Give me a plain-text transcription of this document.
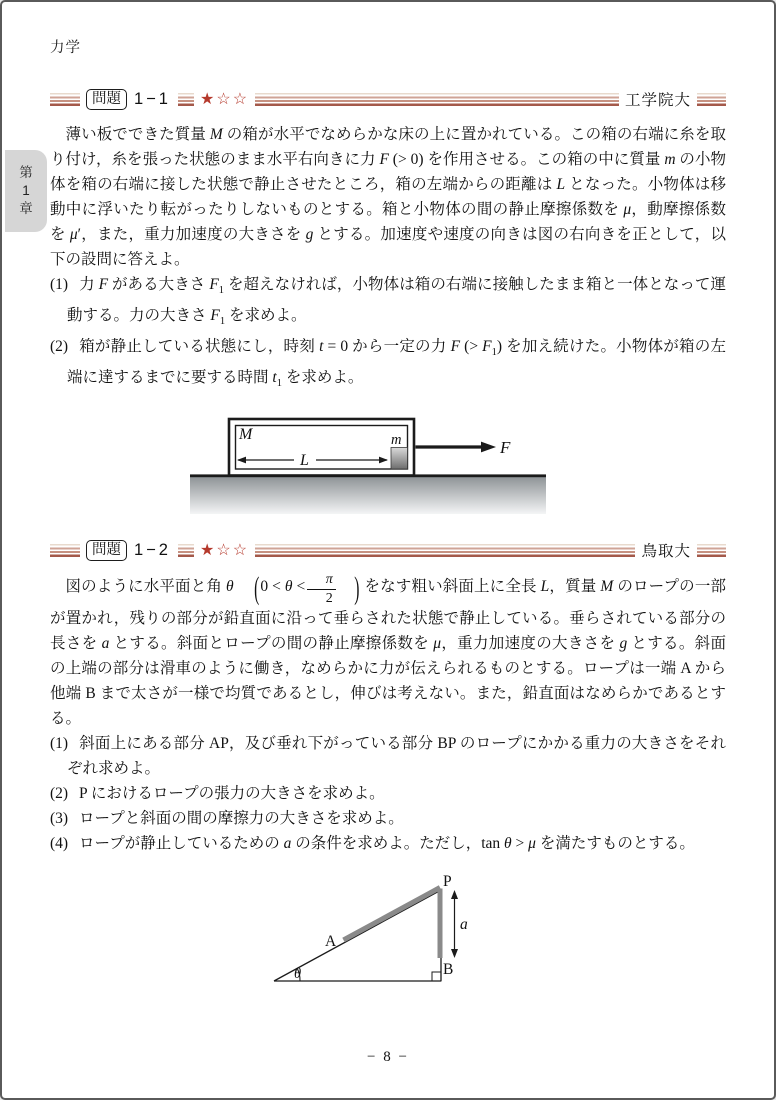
第
1
章
力学
問題 1−1 ★☆☆	工学院大

薄い板でできた質量 M の箱が水平でなめらかな床の上に置かれている。この箱の右端に糸を取り付け，糸を張った状態のまま水平右向きに力 F (> 0) を作用させる。この箱の中に質量 m の小物体を箱の右端に接した状態で静止させたところ，箱の左端からの距離は L となった。小物体は移動中に浮いたり転がったりしないものとする。箱と小物体の間の静止摩擦係数を μ，動摩擦係数を μ′，また，重力加速度の大きさを g とする。加速度や速度の向きは図の右向きを正として，以下の設問に答えよ。

(1) 力 F がある大きさ $F_1$ を超えなければ，小物体は箱の右端に接触したまま箱と一体となって運動する。力の大きさ $F_1$ を求めよ。
(2) 箱が静止している状態にし，時刻 t = 0 から一定の力 F (> $F_1$) を加え続けた。小物体が箱の左端に達するまでに要する時間 $t_1$ を求めよ。
M	m
L
F
問題 1−2 ★☆☆	鳥取大

図のように水平面と角 θ ($0 < \theta < \frac{\pi}{2}$ ) をなす粗い斜面上に全長 L，質量 M のロープの一部が置かれ，残りの部分が鉛直面に沿って垂らされた状態で静止している。垂らされている部分の長さを a とする。斜面とロープの間の静止摩擦係数を μ，重力加速度の大きさを g とする。斜面の上端の部分は滑車のように働き，なめらかに力が伝えられるものとする。ロープは一端 A から他端 B まで太さが一様で均質であるとし，伸びは考えない。また，鉛直面はなめらかであるとする。

(1) 斜面上にある部分 AP，及び垂れ下がっている部分 BP のロープにかかる重力の大きさをそれぞれ求めよ。
(2) P におけるロープの張力の大きさを求めよ。
(3) ロープと斜面の間の摩擦力の大きさを求めよ。
(4) ロープが静止しているための a の条件を求めよ。ただし，tan θ > μ を満たすものとする。
P
A
B
a
θ
− 8 −
